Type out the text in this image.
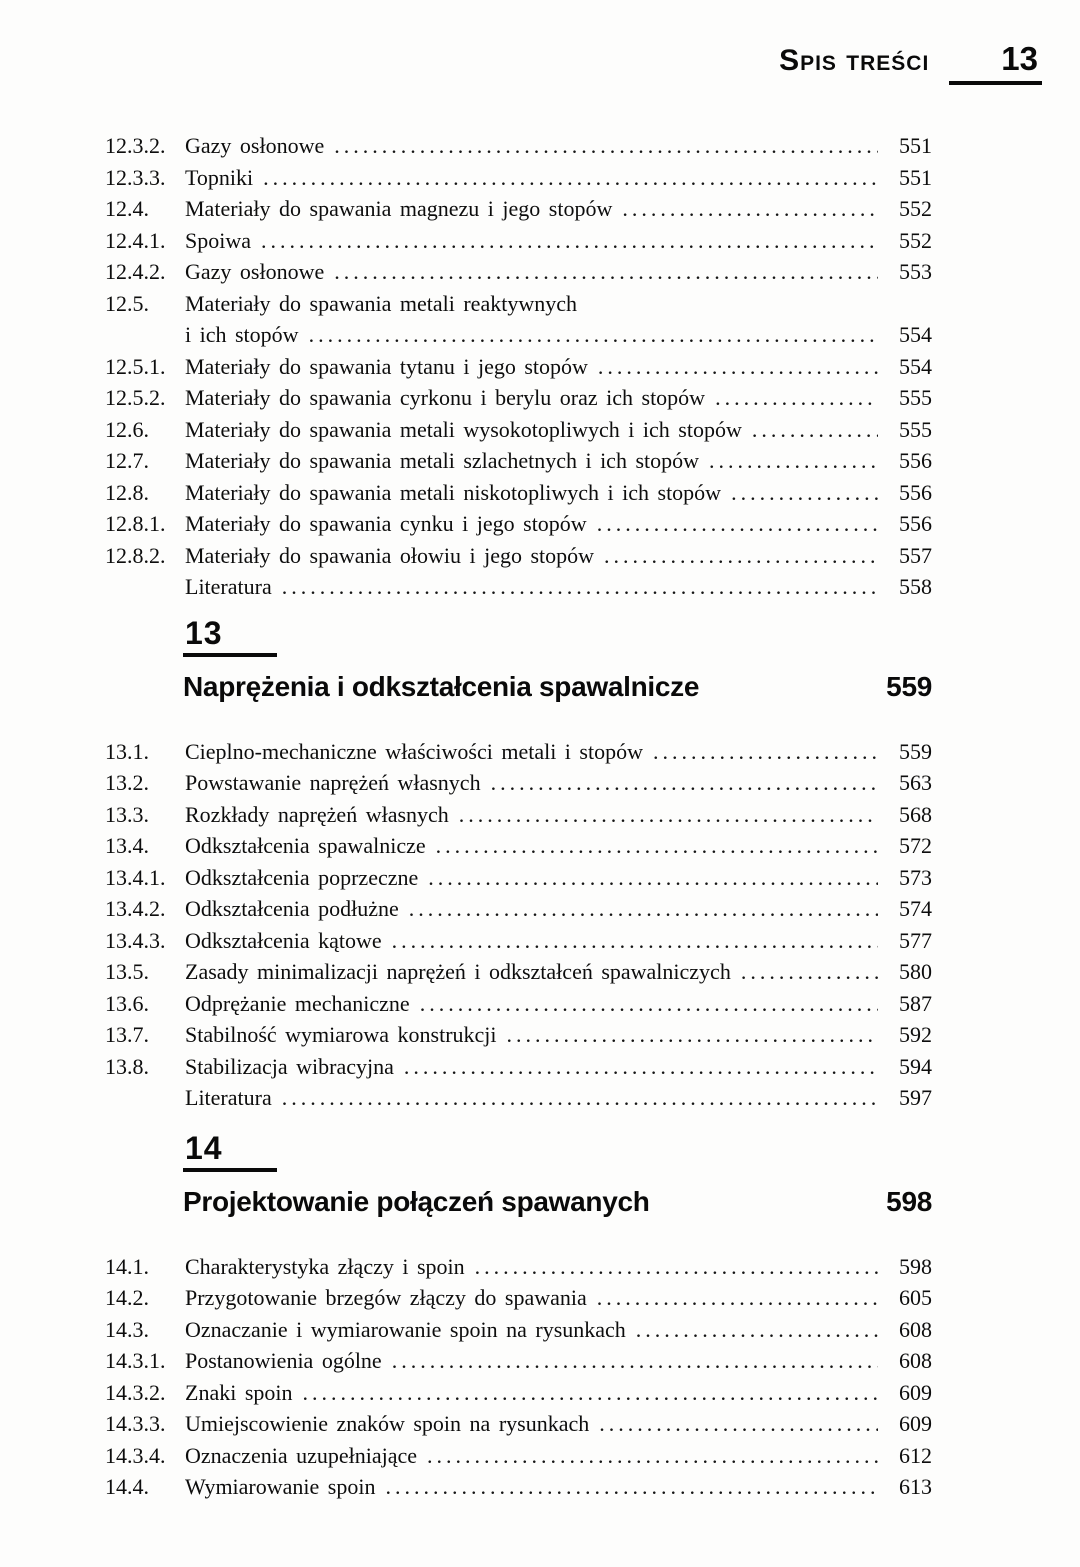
Spis treści	13
12.3.2. Gazy osłonowe .....	551
12.3.3. Topniki .....	551
12.4.	Materiały do spawania magnezu i jego stopów .....	552
12.4.1. Spoiwa .....	552
12.4.2. Gazy osłonowe .....	553
12.5.	Materiały do spawania metali reaktywnych
i ich stopów .....	554
12.5.1. Materiały do spawania tytanu i jego stopów .....	554
12.5.2. Materiały do spawania cyrkonu i berylu oraz ich stopów .....	555
12.6.	Materiały do spawania metali wysokotopliwych i ich stopów .....	555
12.7.	Materiały do spawania metali szlachetnych i ich stopów .....	556
12.8.	Materiały do spawania metali niskotopliwych i ich stopów .....	556
12.8.1. Materiały do spawania cynku i jego stopów .....	556
12.8.2. Materiały do spawania ołowiu i jego stopów .....	557
Literatura .....	558
13
Naprężenia i odkształcenia spawalnicze	559
13.1.	Cieplno-mechaniczne właściwości metali i stopów .....	559
13.2.	Powstawanie naprężeń własnych .....	563
13.3.	Rozkłady naprężeń własnych .....	568
13.4.	Odkształcenia spawalnicze .....	572
13.4.1. Odkształcenia poprzeczne .....	573
13.4.2. Odkształcenia podłużne .....	574
13.4.3. Odkształcenia kątowe .....	577
13.5.	Zasady minimalizacji naprężeń i odkształceń spawalniczych .....	580
13.6.	Odprężanie mechaniczne .....	587
13.7.	Stabilność wymiarowa konstrukcji .....	592
13.8.	Stabilizacja wibracyjna .....	594
Literatura .....	597
14
Projektowanie połączeń spawanych	598
14.1.	Charakterystyka złączy i spoin .....	598
14.2.	Przygotowanie brzegów złączy do spawania .....	605
14.3.	Oznaczanie i wymiarowanie spoin na rysunkach .....	608
14.3.1. Postanowienia ogólne .....	608
14.3.2. Znaki spoin .....	609
14.3.3. Umiejscowienie znaków spoin na rysunkach .....	609
14.3.4. Oznaczenia uzupełniające .....	612
14.4.	Wymiarowanie spoin .....	613
